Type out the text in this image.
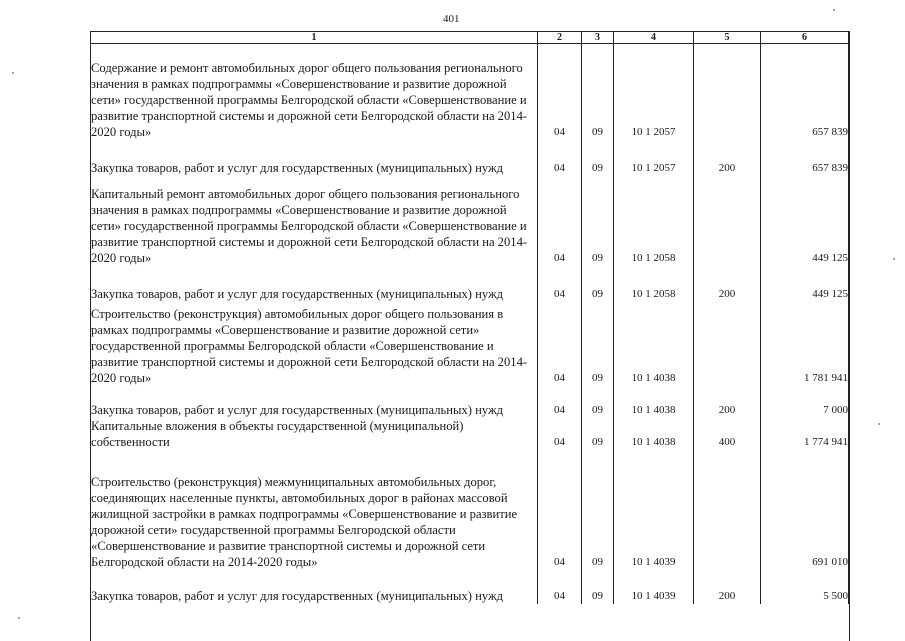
401
1	2	3	4	5	6
Содержание и ремонт автомобильных дорог общего пользования регионального значения в рамках подпрограммы «Совершенствование и развитие дорожной сети» государственной программы Белгородской области «Совершенствование и развитие транспортной системы и дорожной сети Белгородской области на 2014-2020 годы»	04	09	10 1 2057		657 839
Закупка товаров, работ и услуг для государственных (муниципальных) нужд	04	09	10 1 2057	200	657 839
Капитальный ремонт автомобильных дорог общего пользования регионального значения в рамках подпрограммы «Совершенствование и развитие дорожной сети» государственной программы Белгородской области «Совершенствование и развитие транспортной системы и дорожной сети Белгородской области на 2014-2020 годы»	04	09	10 1 2058		449 125
Закупка товаров, работ и услуг для государственных (муниципальных) нужд	04	09	10 1 2058	200	449 125
Строительство (реконструкция) автомобильных дорог общего пользования в рамках подпрограммы «Совершенствование и развитие дорожной сети» государственной программы Белгородской области «Совершенствование и развитие транспортной системы и дорожной сети Белгородской области на 2014-2020 годы»	04	09	10 1 4038		1 781 941
Закупка товаров, работ и услуг для государственных (муниципальных) нужд	04	09	10 1 4038	200	7 000
Капитальные вложения в объекты государственной (муниципальной) собственности	04	09	10 1 4038	400	1 774 941
Строительство (реконструкция) межмуниципальных автомобильных дорог, соединяющих населенные пункты, автомобильных дорог в районах массовой жилищной застройки в рамках подпрограммы «Совершенствование и развитие дорожной сети» государственной программы Белгородской области «Совершенствование и развитие транспортной системы и дорожной сети Белгородской области на 2014-2020 годы»	04	09	10 1 4039		691 010
Закупка товаров, работ и услуг для государственных (муниципальных) нужд	04	09	10 1 4039	200	5 500
